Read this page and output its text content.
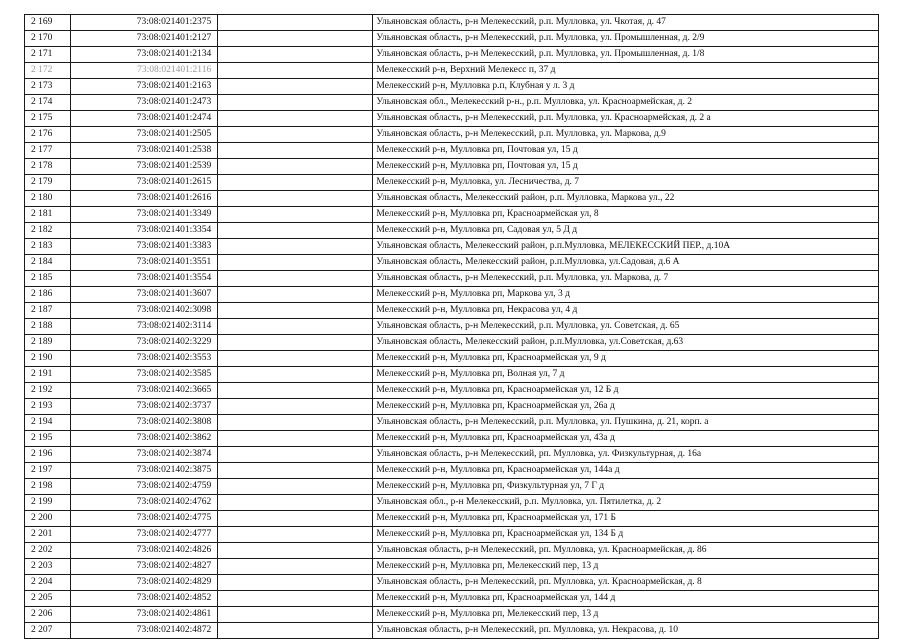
2 169	73:08:021401:2375		Ульяновская область, р-н Мелекесский, р.п. Мулловка, ул. Чкотая, д. 47
2 170	73:08:021401:2127		Ульяновская область, р-н Мелекесский, р.п. Мулловка, ул. Промышленная, д. 2/9
2 171	73:08:021401:2134		Ульяновская область, р-н Мелекесский, р.п. Мулловка, ул. Промышленная, д. 1/8
2 172	73:08:021401:2116		Мелекесский р-н, Верхний Мелекесс п, 37 д
2 173	73:08:021401:2163		Мелекесский р-н, Мулловка р.п, Клубная у л. 3 д
2 174	73:08:021401:2473		Ульяновская обл., Мелекесский р-н., р.п. Мулловка, ул. Красноармейская, д. 2
2 175	73:08:021401:2474		Ульяновская область, р-н Мелекесский, р.п. Мулловка, ул. Красноармейская, д. 2 а
2 176	73:08:021401:2505		Ульяновская область, р-н Мелекесский, р.п. Мулловка, ул. Маркова, д.9
2 177	73:08:021401:2538		Мелекесский р-н, Мулловка рп, Почтовая ул, 15 д
2 178	73:08:021401:2539		Мелекесский р-н, Мулловка рп, Почтовая ул, 15 д
2 179	73:08:021401:2615		Мелекесский р-н, Мулловка, ул. Лесничества, д. 7
2 180	73:08:021401:2616		Ульяновская область, Мелекесский район, р.п. Мулловка, Маркова ул., 22
2 181	73:08:021401:3349		Мелекесский р-н, Мулловка рп, Красноармейская ул, 8
2 182	73:08:021401:3354		Мелекесский р-н, Мулловка рп, Садовая ул, 5 Д д
2 183	73:08:021401:3383		Ульяновская область, Мелекесский район, р.п.Мулловка, МЕЛЕКЕССКИЙ ПЕР., д.10А
2 184	73:08:021401:3551		Ульяновская область, Мелекесский район, р.п.Мулловка, ул.Садовая, д.6 А
2 185	73:08:021401:3554		Ульяновская область, р-н Мелекесский, р.п. Мулловка, ул. Маркова, д. 7
2 186	73:08:021401:3607		Мелекесский р-н, Мулловка рп, Маркова ул, 3 д
2 187	73:08:021402:3098		Мелекесский р-н, Мулловка рп, Некрасова ул, 4 д
2 188	73:08:021402:3114		Ульяновская область, р-н Мелекесский, р.п. Мулловка, ул. Советская, д. 65
2 189	73:08:021402:3229		Ульяновская область, Мелекесский район, р.п.Мулловка, ул.Советская, д.63
2 190	73:08:021402:3553		Мелекесский р-н, Мулловка рп, Красноармейская ул, 9 д
2 191	73:08:021402:3585		Мелекесский р-н, Мулловка рп, Волная ул, 7 д
2 192	73:08:021402:3665		Мелекесский р-н, Мулловка рп, Красноармейская ул, 12 Б д
2 193	73:08:021402:3737		Мелекесский р-н, Мулловка рп, Красноармейская ул, 26а д
2 194	73:08:021402:3808		Ульяновская область, р-н Мелекесский, р.п. Мулловка, ул. Пушкина, д. 21, корп. а
2 195	73:08:021402:3862		Мелекесский р-н, Мулловка рп, Красноармейская ул, 43а д
2 196	73:08:021402:3874		Ульяновская область, р-н Мелекесский, рп. Мулловка, ул. Физкультурная, д. 16а
2 197	73:08:021402:3875		Мелекесский р-н, Мулловка рп, Красноармейская ул, 144а д
2 198	73:08:021402:4759		Мелекесский р-н, Мулловка рп, Физкультурная ул, 7 Г д
2 199	73:08:021402:4762		Ульяновская обл., р-н Мелекесский, р.п. Мулловка, ул. Пятилетка, д. 2
2 200	73:08:021402:4775		Мелекесский р-н, Мулловка рп, Красноармейская ул, 171 Б
2 201	73:08:021402:4777		Мелекесский р-н, Мулловка рп, Красноармейская ул, 134 Б д
2 202	73:08:021402:4826		Ульяновская область, р-н Мелекесский, рп. Мулловка, ул. Красноармейская, д. 86
2 203	73:08:021402:4827		Мелекесский р-н, Мулловка рп, Мелекесский пер, 13 д
2 204	73:08:021402:4829		Ульяновская область, р-н Мелекесский, рп. Мулловка, ул. Красноармейская, д. 8
2 205	73:08:021402:4852		Мелекесский р-н, Мулловка рп, Красноармейская ул, 144 д
2 206	73:08:021402:4861		Мелекесский р-н, Мулловка рп, Мелекесский пер, 13 д
2 207	73:08:021402:4872		Ульяновская область, р-н Мелекесский, рп. Мулловка, ул. Некрасова, д. 10
